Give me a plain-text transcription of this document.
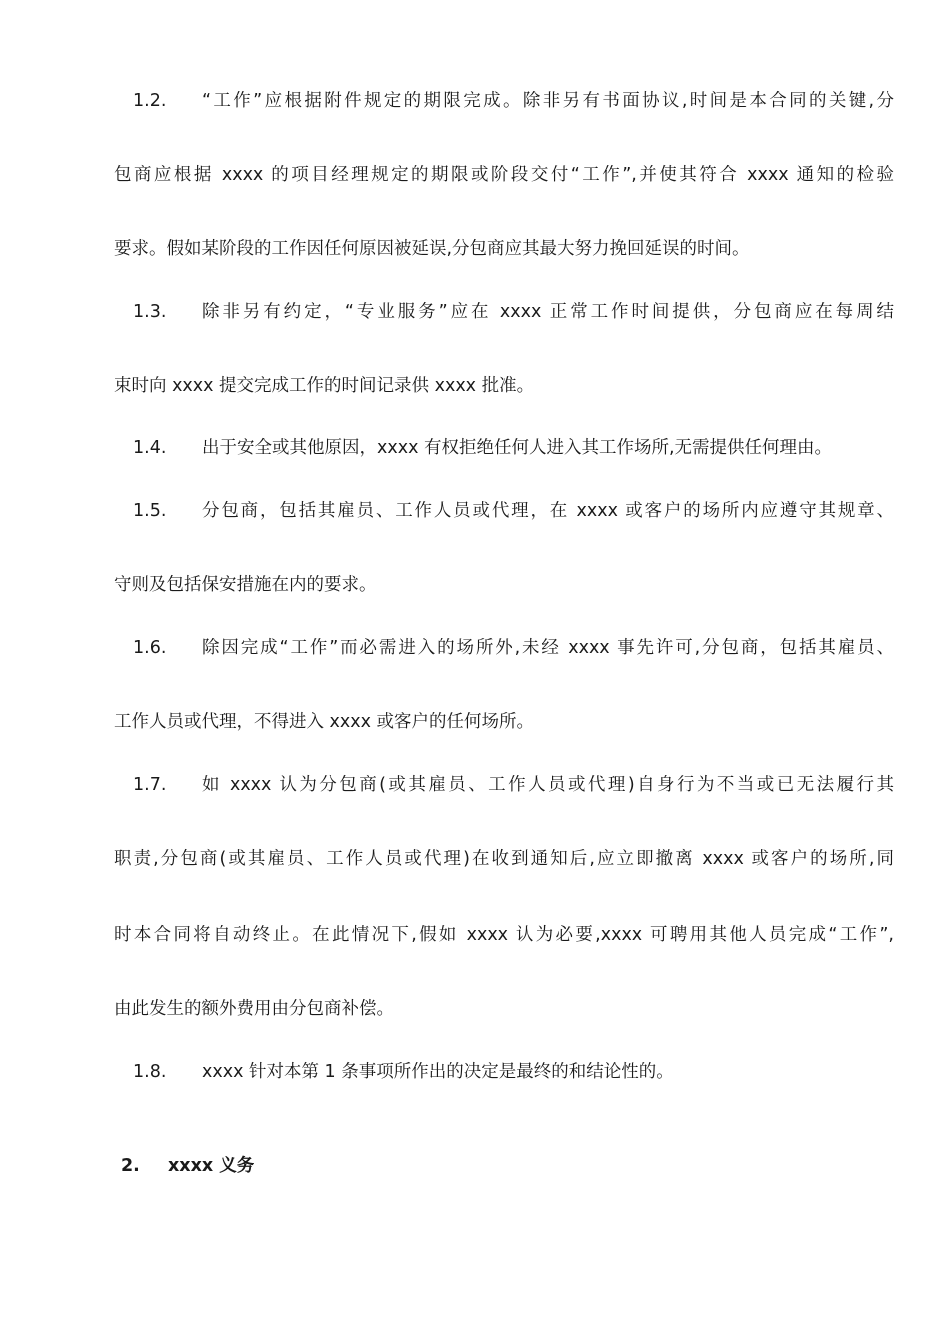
1.2. “工作”应根据附件规定的期限完成。除非另有书面协议,时间是本合同的关键,分
包商应根据 xxxx 的项目经理规定的期限或阶段交付“工作”,并使其符合 xxxx 通知的检验
要求。假如某阶段的工作因任何原因被延误,分包商应其最大努力挽回延误的时间。
1.3. 除非另有约定，“专业服务”应在 xxxx 正常工作时间提供，分包商应在每周结
束时向 xxxx 提交完成工作的时间记录供 xxxx 批准。
1.4. 出于安全或其他原因，xxxx 有权拒绝任何人进入其工作场所,无需提供任何理由。
1.5. 分包商，包括其雇员、工作人员或代理，在 xxxx 或客户的场所内应遵守其规章、
守则及包括保安措施在内的要求。
1.6. 除因完成“工作”而必需进入的场所外,未经 xxxx 事先许可,分包商，包括其雇员、
工作人员或代理，不得进入 xxxx 或客户的任何场所。
1.7. 如 xxxx 认为分包商(或其雇员、工作人员或代理)自身行为不当或已无法履行其
职责,分包商(或其雇员、工作人员或代理)在收到通知后,应立即撤离 xxxx 或客户的场所,同
时本合同将自动终止。在此情况下,假如 xxxx 认为必要,xxxx 可聘用其他人员完成“工作”,
由此发生的额外费用由分包商补偿。
1.8. xxxx 针对本第 1 条事项所作出的决定是最终的和结论性的。
2. xxxx 义务
